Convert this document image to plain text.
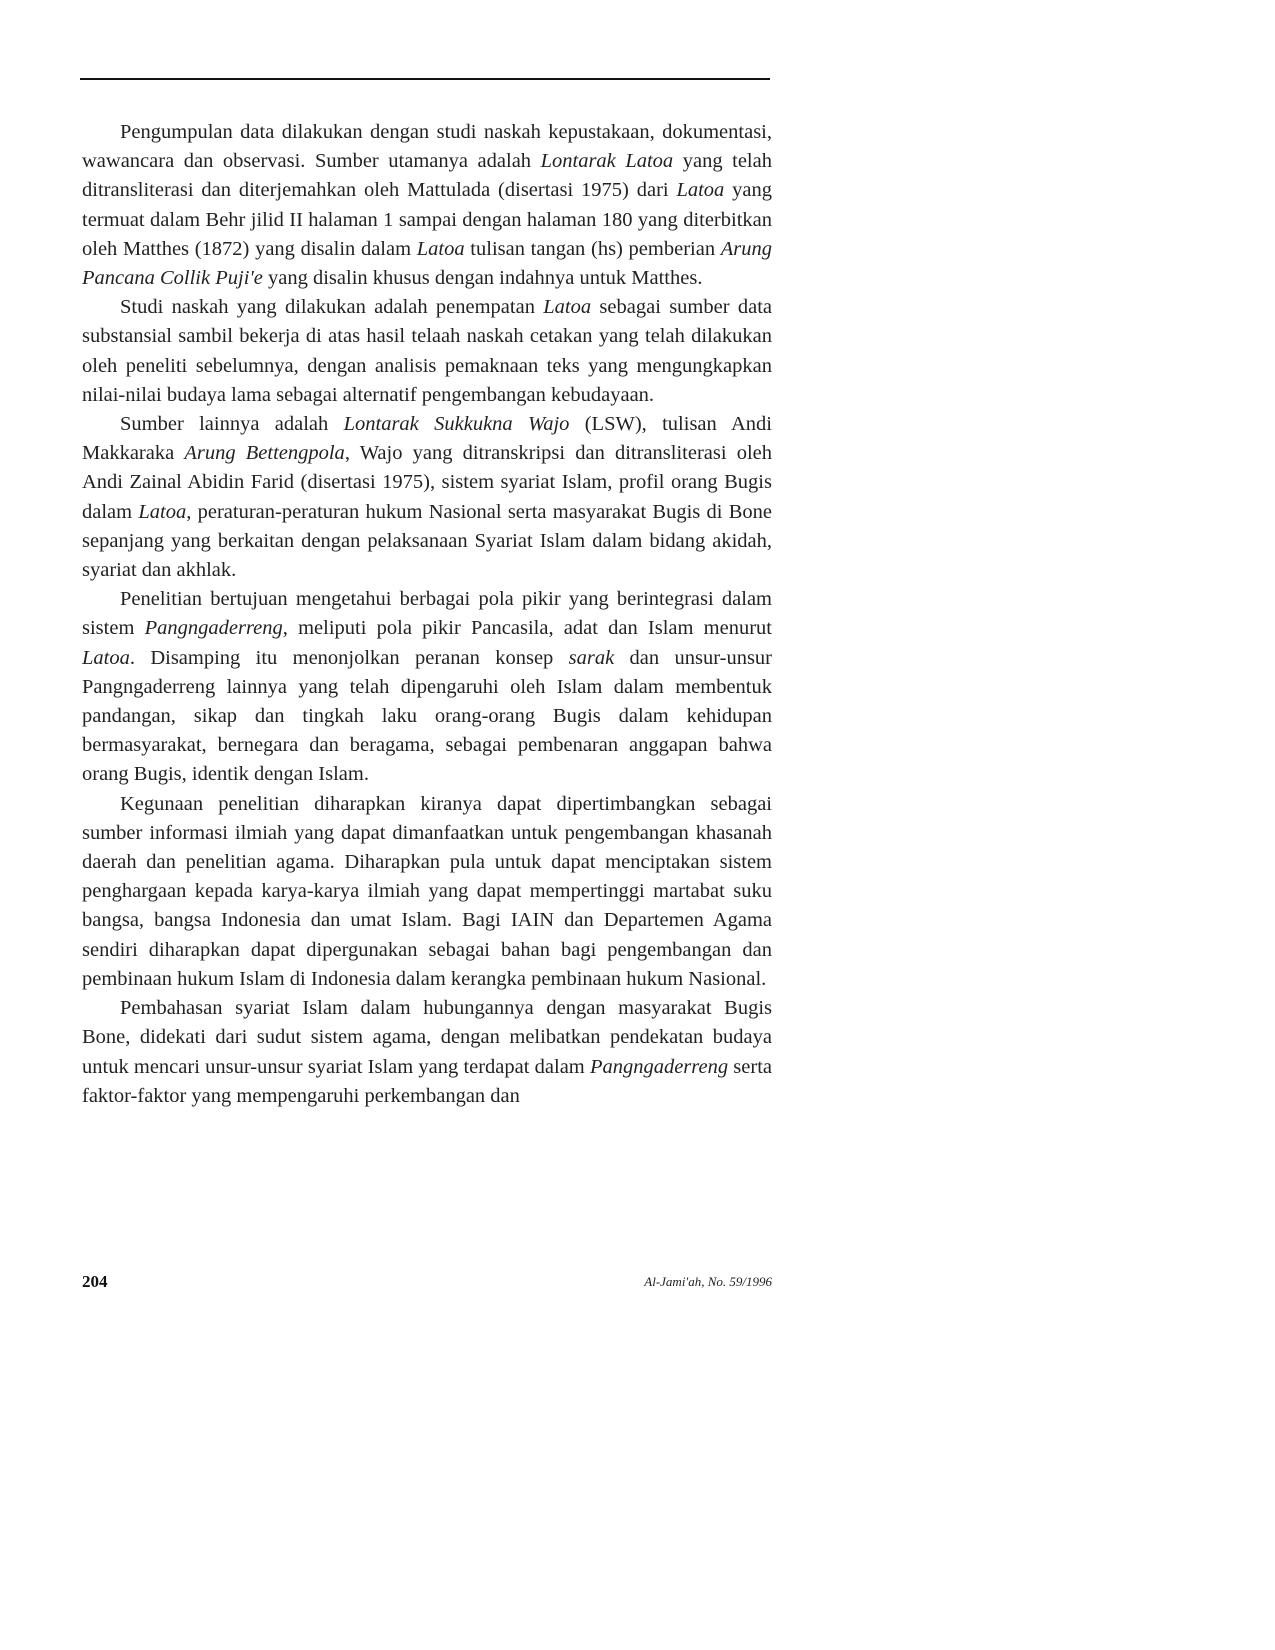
Pengumpulan data dilakukan dengan studi naskah kepustakaan, dokumentasi, wawancara dan observasi. Sumber utamanya adalah Lontarak Latoa yang telah ditransliterasi dan diterjemahkan oleh Mattulada (disertasi 1975) dari Latoa yang termuat dalam Behr jilid II halaman 1 sampai dengan halaman 180 yang diterbitkan oleh Matthes (1872) yang disalin dalam Latoa tulisan tangan (hs) pemberian Arung Pancana Collik Puji'e yang disalin khusus dengan indahnya untuk Matthes.

Studi naskah yang dilakukan adalah penempatan Latoa sebagai sumber data substansial sambil bekerja di atas hasil telaah naskah cetakan yang telah dilakukan oleh peneliti sebelumnya, dengan analisis pemaknaan teks yang mengungkapkan nilai-nilai budaya lama sebagai alternatif pengembangan kebudayaan.

Sumber lainnya adalah Lontarak Sukkukna Wajo (LSW), tulisan Andi Makkaraka Arung Bettengpola, Wajo yang ditranskripsi dan ditransliterasi oleh Andi Zainal Abidin Farid (disertasi 1975), sistem syariat Islam, profil orang Bugis dalam Latoa, peraturan-peraturan hukum Nasional serta masyarakat Bugis di Bone sepanjang yang berkaitan dengan pelaksanaan Syariat Islam dalam bidang akidah, syariat dan akhlak.

Penelitian bertujuan mengetahui berbagai pola pikir yang berintegrasi dalam sistem Pangngaderreng, meliputi pola pikir Pancasila, adat dan Islam menurut Latoa. Disamping itu menonjolkan peranan konsep sarak dan unsur-unsur Pangngaderreng lainnya yang telah dipengaruhi oleh Islam dalam membentuk pandangan, sikap dan tingkah laku orang-orang Bugis dalam kehidupan bermasyarakat, bernegara dan beragama, sebagai pembenaran anggapan bahwa orang Bugis, identik dengan Islam.

Kegunaan penelitian diharapkan kiranya dapat dipertimbangkan sebagai sumber informasi ilmiah yang dapat dimanfaatkan untuk pengembangan khasanah daerah dan penelitian agama. Diharapkan pula untuk dapat menciptakan sistem penghargaan kepada karya-karya ilmiah yang dapat mempertinggi martabat suku bangsa, bangsa Indonesia dan umat Islam. Bagi IAIN dan Departemen Agama sendiri diharapkan dapat dipergunakan sebagai bahan bagi pengembangan dan pembinaan hukum Islam di Indonesia dalam kerangka pembinaan hukum Nasional.

Pembahasan syariat Islam dalam hubungannya dengan masyarakat Bugis Bone, didekati dari sudut sistem agama, dengan melibatkan pendekatan budaya untuk mencari unsur-unsur syariat Islam yang terdapat dalam Pangngaderreng serta faktor-faktor yang mempengaruhi perkembangan dan

204	Al-Jami'ah, No. 59/1996
